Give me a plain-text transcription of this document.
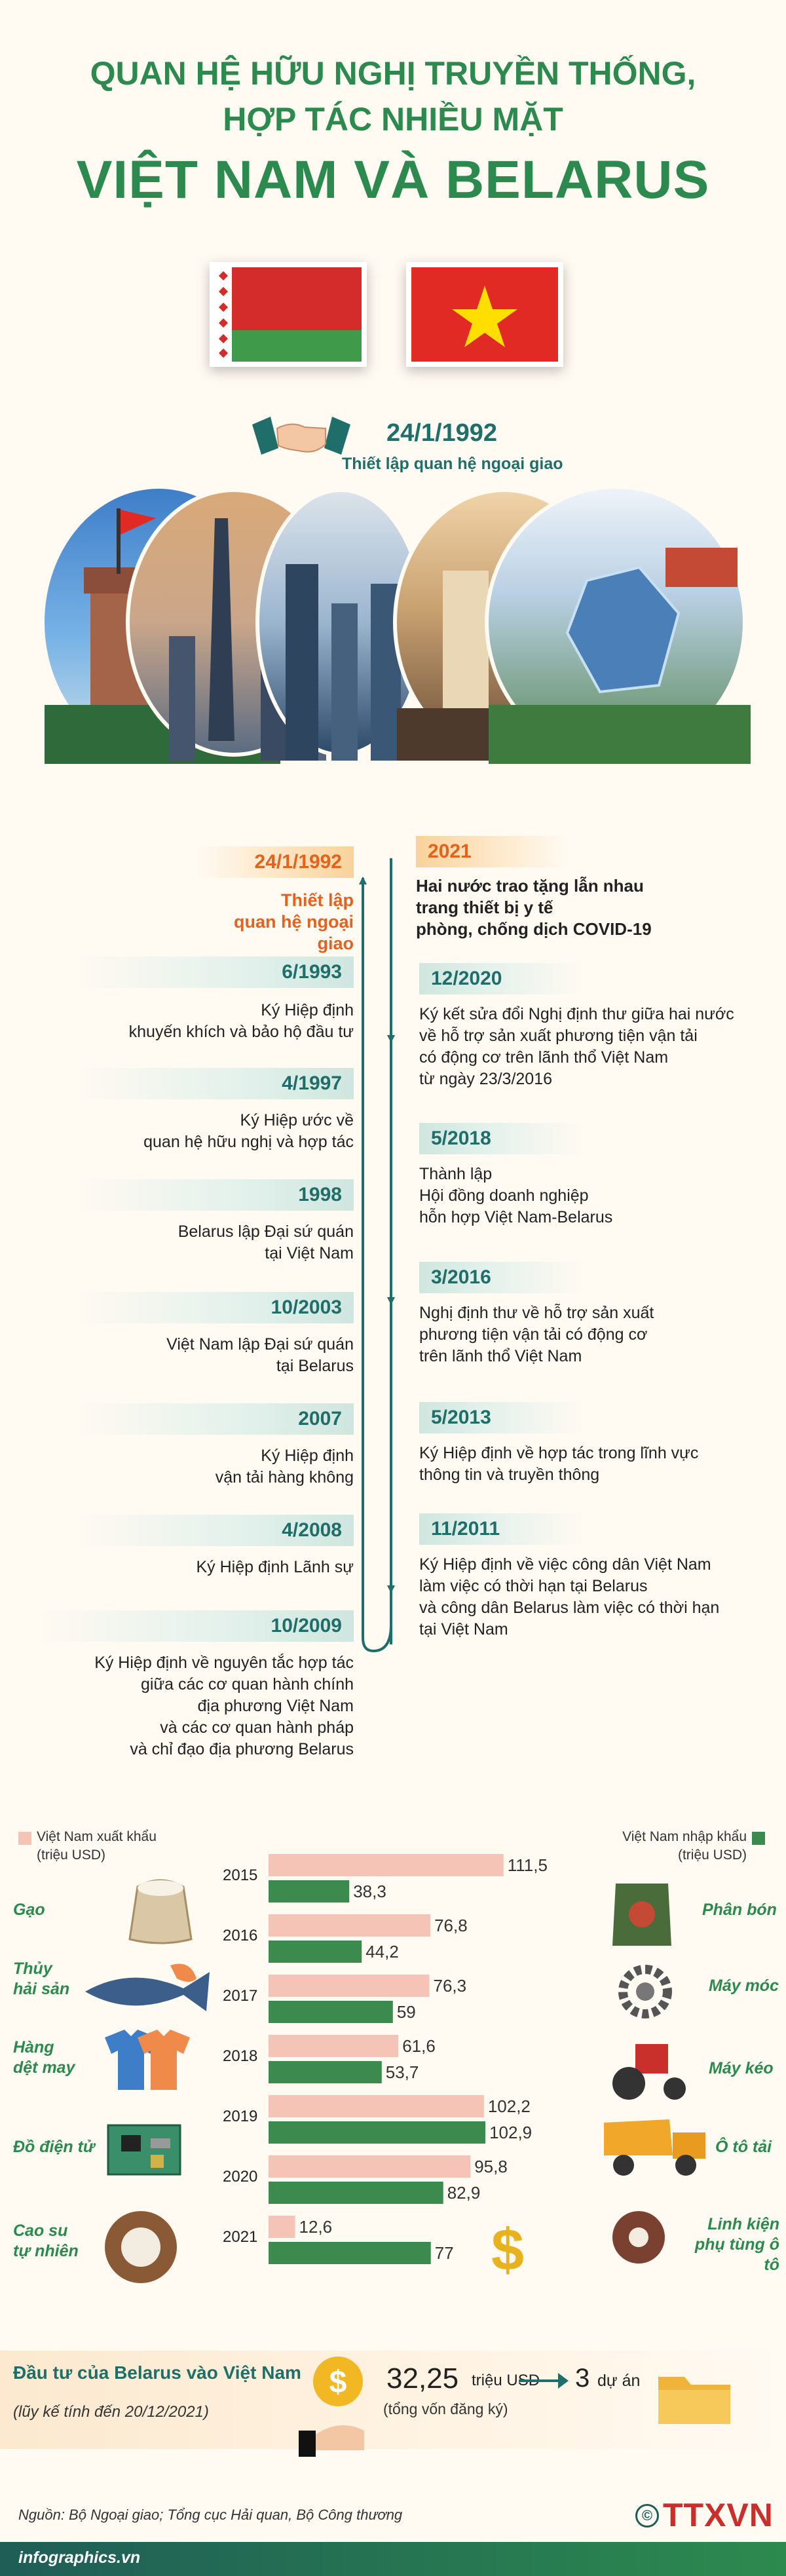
QUAN HỆ HỮU NGHỊ TRUYỀN THỐNG,
HỢP TÁC NHIỀU MẶT
VIỆT NAM VÀ BELARUS
24/1/1992
Thiết lập quan hệ ngoại giao
24/1/1992
Thiết lập
quan hệ ngoại giao
6/1993
Ký Hiệp định
khuyến khích và bảo hộ đầu tư
4/1997
Ký Hiệp ước về
quan hệ hữu nghị và hợp tác
1998
Belarus lập Đại sứ quán
tại Việt Nam
10/2003
Việt Nam lập Đại sứ quán
tại Belarus
2007
Ký Hiệp định
vận tải hàng không
4/2008
Ký Hiệp định Lãnh sự
10/2009
Ký Hiệp định về nguyên tắc hợp tác
giữa các cơ quan hành chính
địa phương Việt Nam
và các cơ quan hành pháp
và chỉ đạo địa phương Belarus
2021
Hai nước trao tặng lẫn nhau
trang thiết bị y tế
phòng, chống dịch COVID-19
12/2020
Ký kết sửa đổi Nghị định thư giữa hai nước
về hỗ trợ sản xuất phương tiện vận tải
có động cơ trên lãnh thổ Việt Nam
từ ngày 23/3/2016
5/2018
Thành lập
Hội đồng doanh nghiệp
hỗn hợp Việt Nam-Belarus
3/2016
Nghị định thư về hỗ trợ sản xuất
phương tiện vận tải có động cơ
trên lãnh thổ Việt Nam
5/2013
Ký Hiệp định về hợp tác trong lĩnh vực
thông tin và truyền thông
11/2011
Ký Hiệp định về việc công dân Việt Nam
làm việc có thời hạn tại Belarus
và công dân Belarus làm việc có thời hạn
tại Việt Nam
Việt Nam xuất khẩu
(triệu USD)
Việt Nam nhập khẩu
(triệu USD)
2015
111,5
38,3
2016
76,8
44,2
2017
76,3
59
2018
61,6
53,7
2019
102,2
102,9
2020
95,8
82,9
2021
12,6
77
Gạo
Thủy
hải sản
Hàng
dệt may
Đồ điện tử
Cao su
tự nhiên
Phân bón
Máy móc
Máy kéo
Ô tô tải
Linh kiện
phụ tùng ô tô
$
Đầu tư của Belarus vào Việt Nam
(lũy kế tính đến 20/12/2021)
$ 32,25 triệu USD
(tổng vốn đăng ký)
3 dự án
Nguồn: Bộ Ngoại giao; Tổng cục Hải quan, Bộ Công thương
infographics.vn
© TTXVN
Vietnam News Agency
